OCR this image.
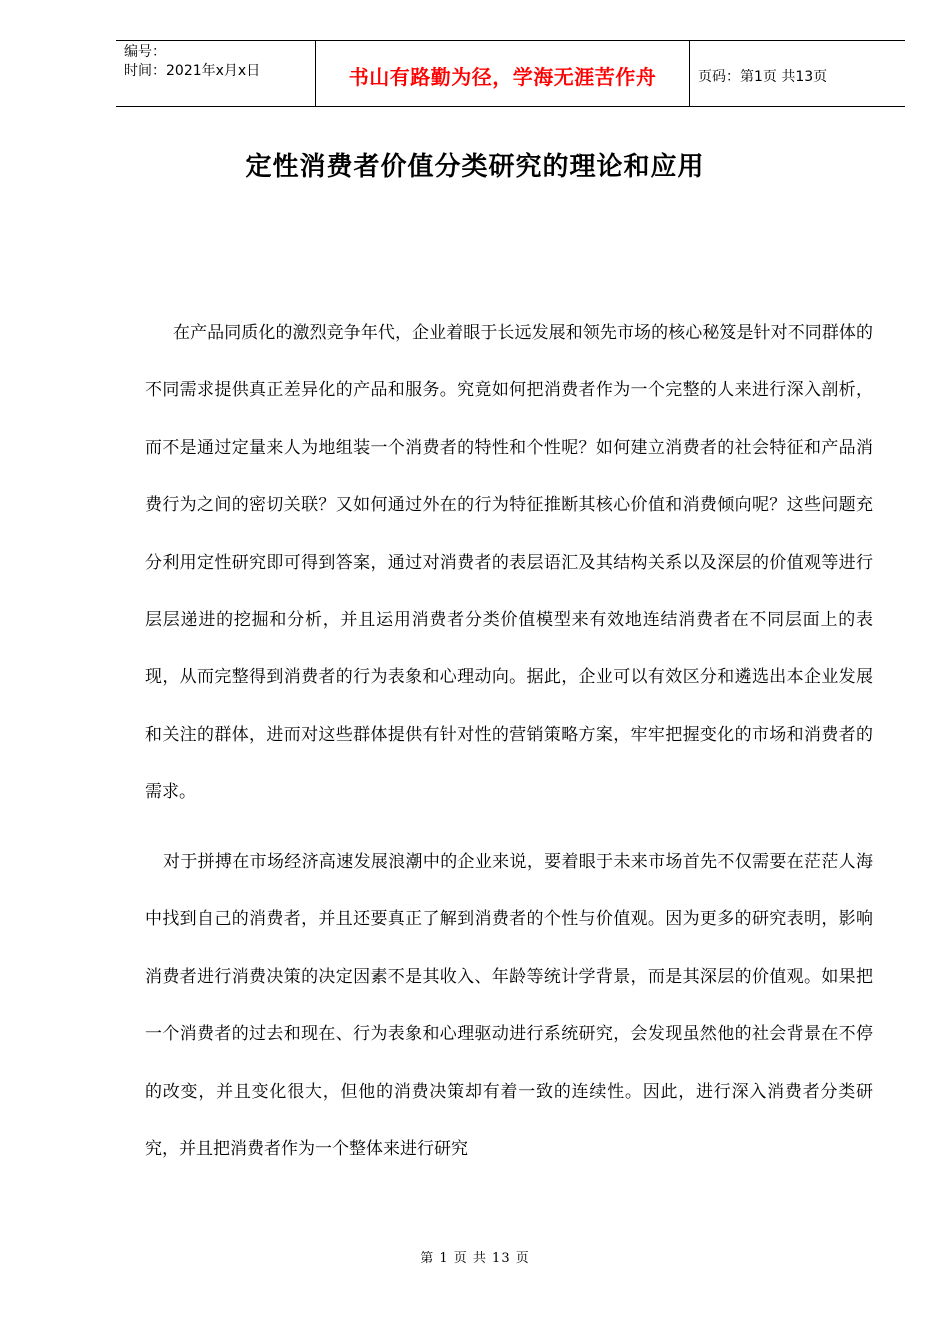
编号：
时间：2021年x月x日	书山有路勤为径，学海无涯苦作舟	页码：第1页 共13页
定性消费者价值分类研究的理论和应用

在产品同质化的激烈竞争年代，企业着眼于长远发展和领先市场的核心秘笈是针对不同群体的不同需求提供真正差异化的产品和服务。究竟如何把消费者作为一个完整的人来进行深入剖析，而不是通过定量来人为地组装一个消费者的特性和个性呢？如何建立消费者的社会特征和产品消费行为之间的密切关联？又如何通过外在的行为特征推断其核心价值和消费倾向呢？这些问题充分利用定性研究即可得到答案，通过对消费者的表层语汇及其结构关系以及深层的价值观等进行层层递进的挖掘和分析，并且运用消费者分类价值模型来有效地连结消费者在不同层面上的表现，从而完整得到消费者的行为表象和心理动向。据此，企业可以有效区分和遴选出本企业发展和关注的群体，进而对这些群体提供有针对性的营销策略方案，牢牢把握变化的市场和消费者的需求。

对于拼搏在市场经济高速发展浪潮中的企业来说，要着眼于未来市场首先不仅需要在茫茫人海中找到自己的消费者，并且还要真正了解到消费者的个性与价值观。因为更多的研究表明，影响消费者进行消费决策的决定因素不是其收入、年龄等统计学背景，而是其深层的价值观。如果把一个消费者的过去和现在、行为表象和心理驱动进行系统研究，会发现虽然他的社会背景在不停的改变，并且变化很大，但他的消费决策却有着一致的连续性。因此，进行深入消费者分类研究，并且把消费者作为一个整体来进行研究

第 1 页 共 13 页
